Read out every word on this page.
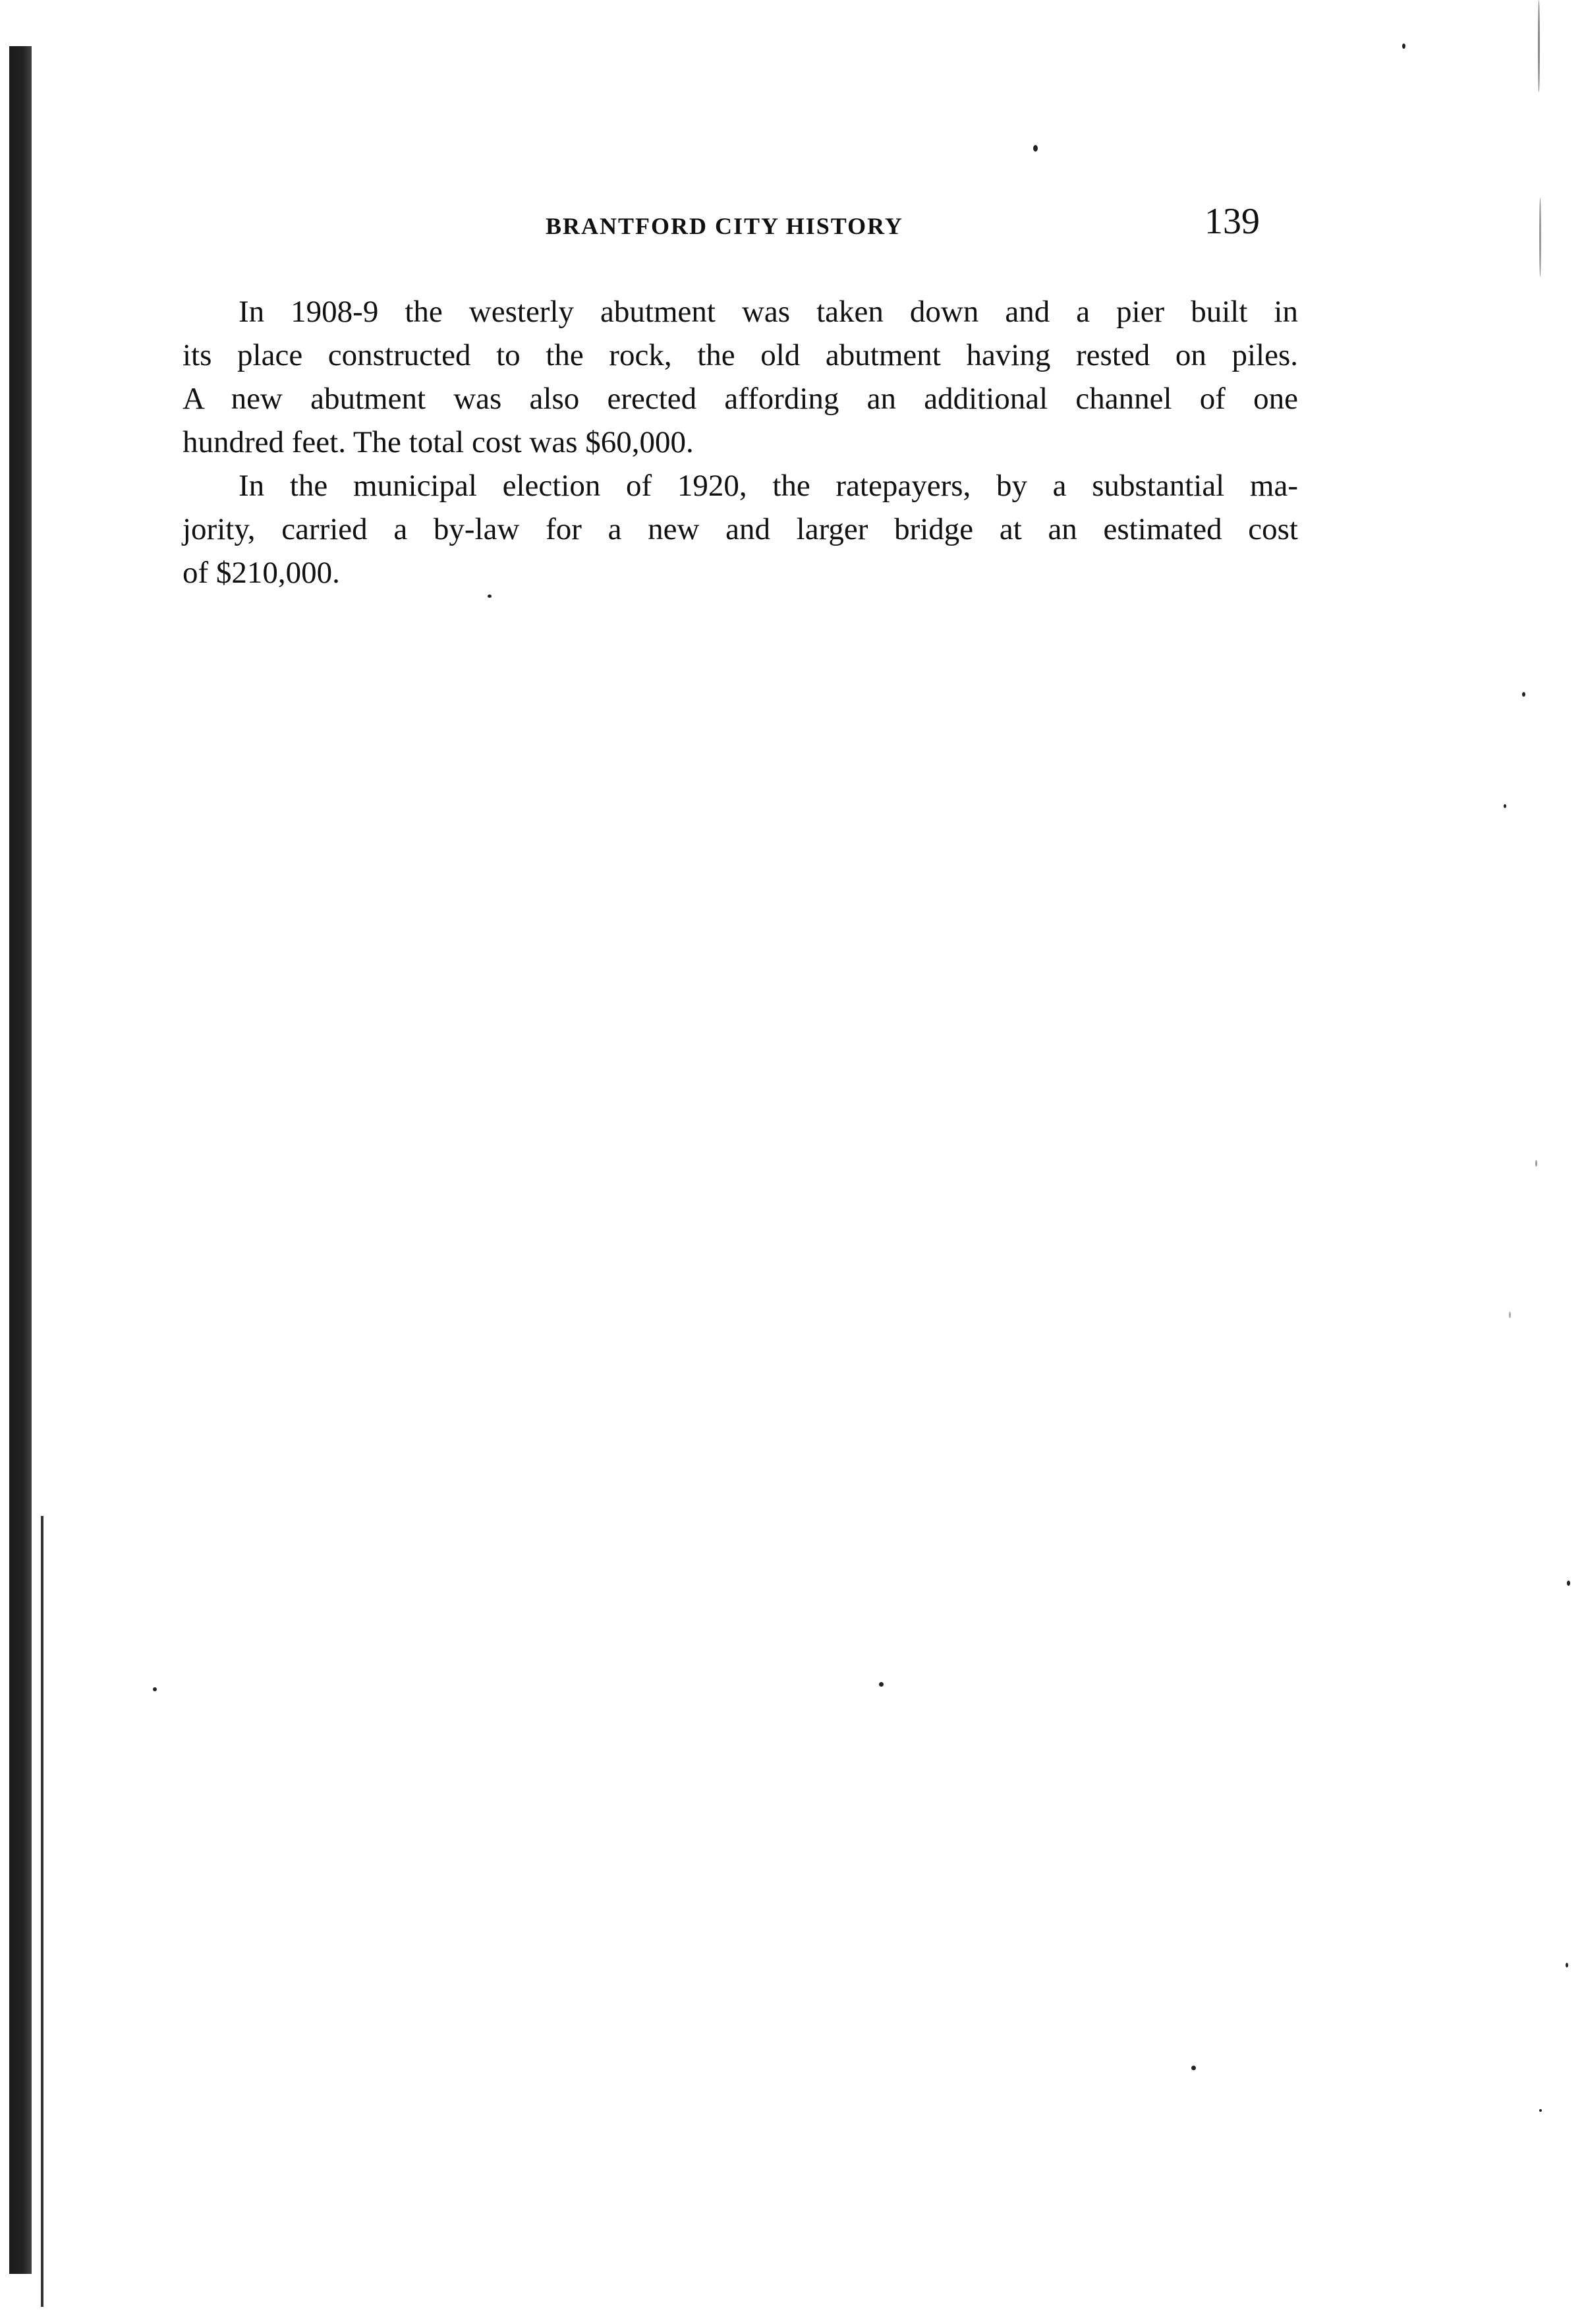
BRANTFORD CITY HISTORY	139

In 1908-9 the westerly abutment was taken down and a pier built in
its place constructed to the rock, the old abutment having rested on piles.
A new abutment was also erected affording an additional channel of one
hundred feet. The total cost was $60,000.

In the municipal election of 1920, the ratepayers, by a substantial ma-
jority, carried a by-law for a new and larger bridge at an estimated cost
of $210,000.
